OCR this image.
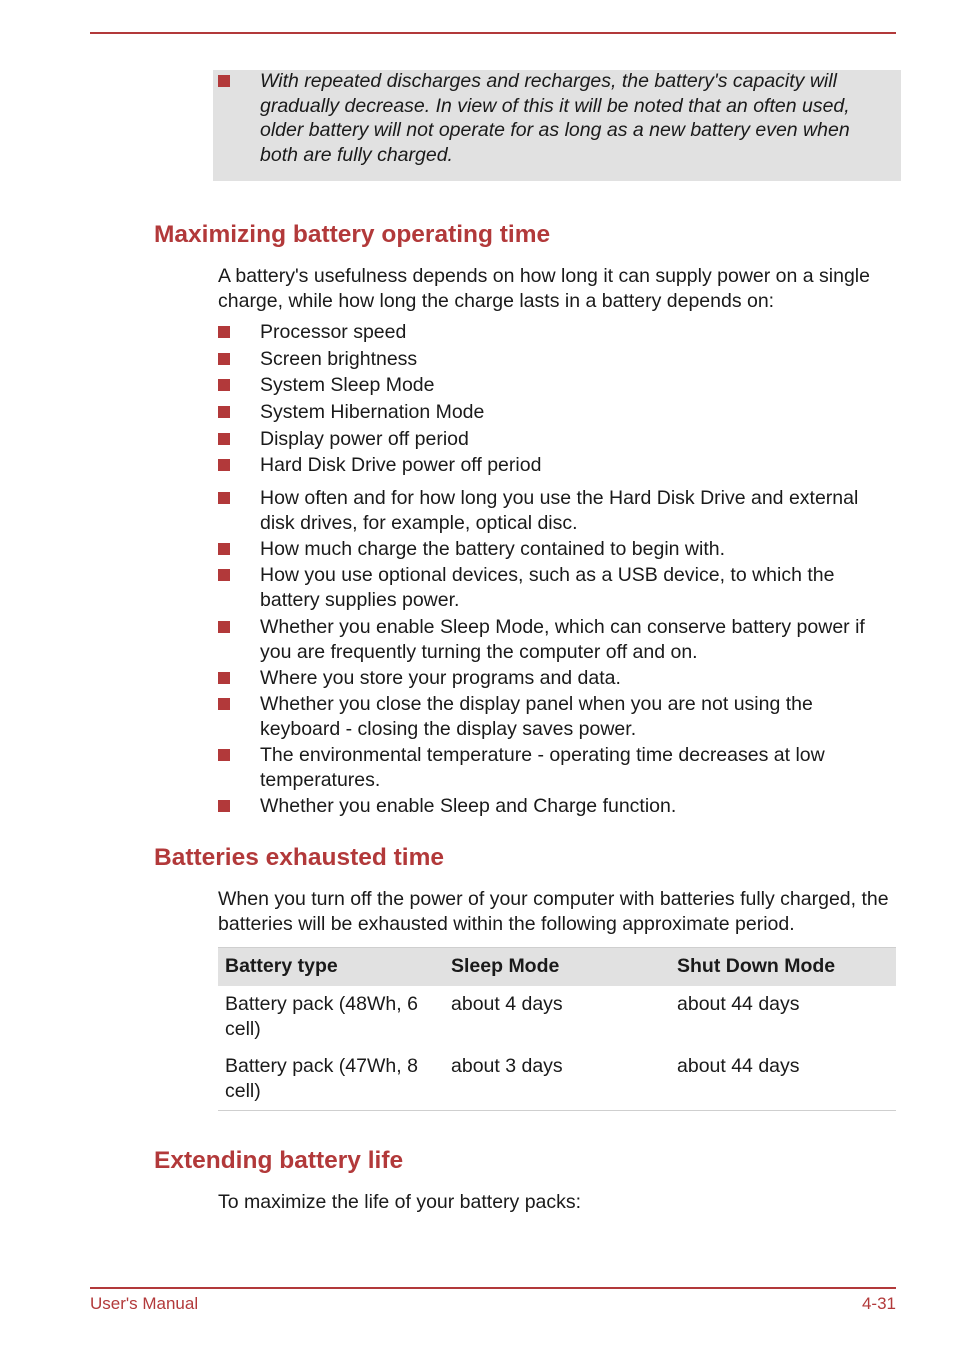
With repeated discharges and recharges, the battery's capacity will gradually decrease. In view of this it will be noted that an often used, older battery will not operate for as long as a new battery even when both are fully charged.

Maximizing battery operating time

A battery's usefulness depends on how long it can supply power on a single charge, while how long the charge lasts in a battery depends on:

Processor speed
Screen brightness
System Sleep Mode
System Hibernation Mode
Display power off period
Hard Disk Drive power off period
How often and for how long you use the Hard Disk Drive and external disk drives, for example, optical disc.
How much charge the battery contained to begin with.
How you use optional devices, such as a USB device, to which the battery supplies power.
Whether you enable Sleep Mode, which can conserve battery power if you are frequently turning the computer off and on.
Where you store your programs and data.
Whether you close the display panel when you are not using the keyboard - closing the display saves power.
The environmental temperature - operating time decreases at low temperatures.
Whether you enable Sleep and Charge function.
Batteries exhausted time

When you turn off the power of your computer with batteries fully charged, the batteries will be exhausted within the following approximate period.

Battery type	Sleep Mode	Shut Down Mode
Battery pack (48Wh, 6 cell)	about 4 days	about 44 days
Battery pack (47Wh, 8 cell)	about 3 days	about 44 days
Extending battery life

To maximize the life of your battery packs:

User's Manual	4-31
